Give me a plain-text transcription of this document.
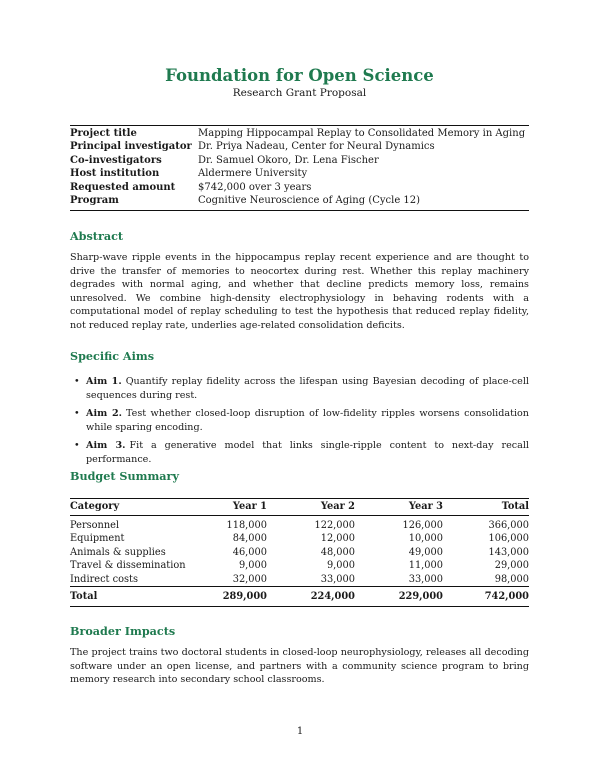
Foundation for Open Science
Research Grant Proposal
Project title	Mapping Hippocampal Replay to Consolidated Memory in Aging
Principal investigator Dr. Priya Nadeau, Center for Neural Dynamics
Co-investigators	Dr. Samuel Okoro, Dr. Lena Fischer
Host institution	Aldermere University
Requested amount	$742,000 over 3 years
Program	Cognitive Neuroscience of Aging (Cycle 12)
Abstract

Sharp-wave ripple events in the hippocampus replay recent experience and are thought to drive the transfer of memories to neocortex during rest. Whether this replay machinery degrades with normal aging, and whether that decline predicts memory loss, remains unresolved. We combine high-density electrophysiology in behaving rodents with a computational model of replay scheduling to test the hypothesis that reduced replay fidelity, not reduced replay rate, underlies age-related consolidation deficits.

Specific Aims
• Aim 1. Quantify replay fidelity across the lifespan using Bayesian decoding of place-cell sequences during rest.
• Aim 2. Test whether closed-loop disruption of low-fidelity ripples worsens consolidation while sparing encoding.
• Aim 3. Fit a generative model that links single-ripple content to next-day recall performance.
Budget Summary
Category	Year 1	Year 2	Year 3	Total
Personnel	118,000	122,000	126,000	366,000
Equipment	84,000	12,000	10,000	106,000
Animals & supplies	46,000	48,000	49,000	143,000
Travel & dissemination	9,000	9,000	11,000	29,000
Indirect costs	32,000	33,000	33,000	98,000
Total	289,000	224,000	229,000	742,000
Broader Impacts

The project trains two doctoral students in closed-loop neurophysiology, releases all decoding software under an open license, and partners with a community science program to bring memory research into secondary school classrooms.

1
